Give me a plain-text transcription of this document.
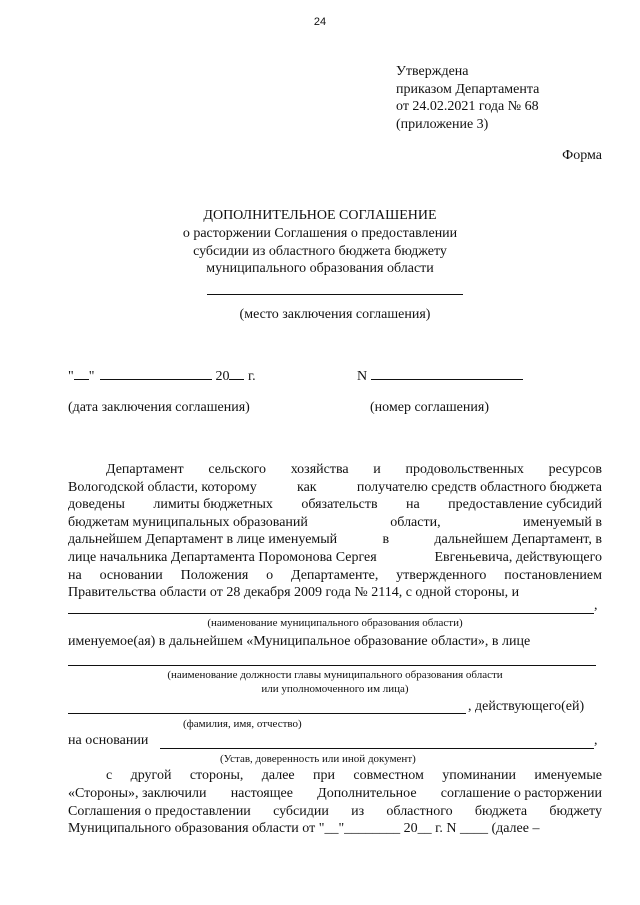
24
Утверждена
приказом Департамента
от 24.02.2021 года № 68
(приложение 3)
Форма
ДОПОЛНИТЕЛЬНОЕ СОГЛАШЕНИЕ
о расторжении Соглашения о предоставлении
субсидии из областного бюджета бюджету
муниципального образования области
(место заключения соглашения)
" "	20 г.	N
(дата заключения соглашения)	(номер соглашения)
Департамент сельского хозяйства и продовольственных ресурсов
Вологодской области, которому	как	получателю средств областного бюджета
доведены лимиты бюджетных обязательств на предоставление субсидий
бюджетам муниципальных образований	области,	именуемый в
дальнейшем Департамент в лице именуемый	в	дальнейшем Департамент, в
лице начальника Департамента Поромонова Сергея	Евгеньевича, действующего
на основании Положения о Департаменте, утвержденного постановлением
Правительства области от 28 декабря 2009 года № 2114, с одной стороны, и
,
(наименование муниципального образования области)
именуемое(ая) в дальнейшем «Муниципальное образование области», в лице
(наименование должности главы муниципального образования области
или уполномоченного им лица)
, действующего(ей)
(фамилия, имя, отчество)
на основании	,
(Устав, доверенность или иной документ)
с другой стороны, далее при совместном упоминании именуемые
«Стороны», заключили настоящее Дополнительное соглашение о расторжении
Соглашения о предоставлении субсидии из областного бюджета бюджету
Муниципального образования области от "__"________ 20__ г. N ____ (далее –
